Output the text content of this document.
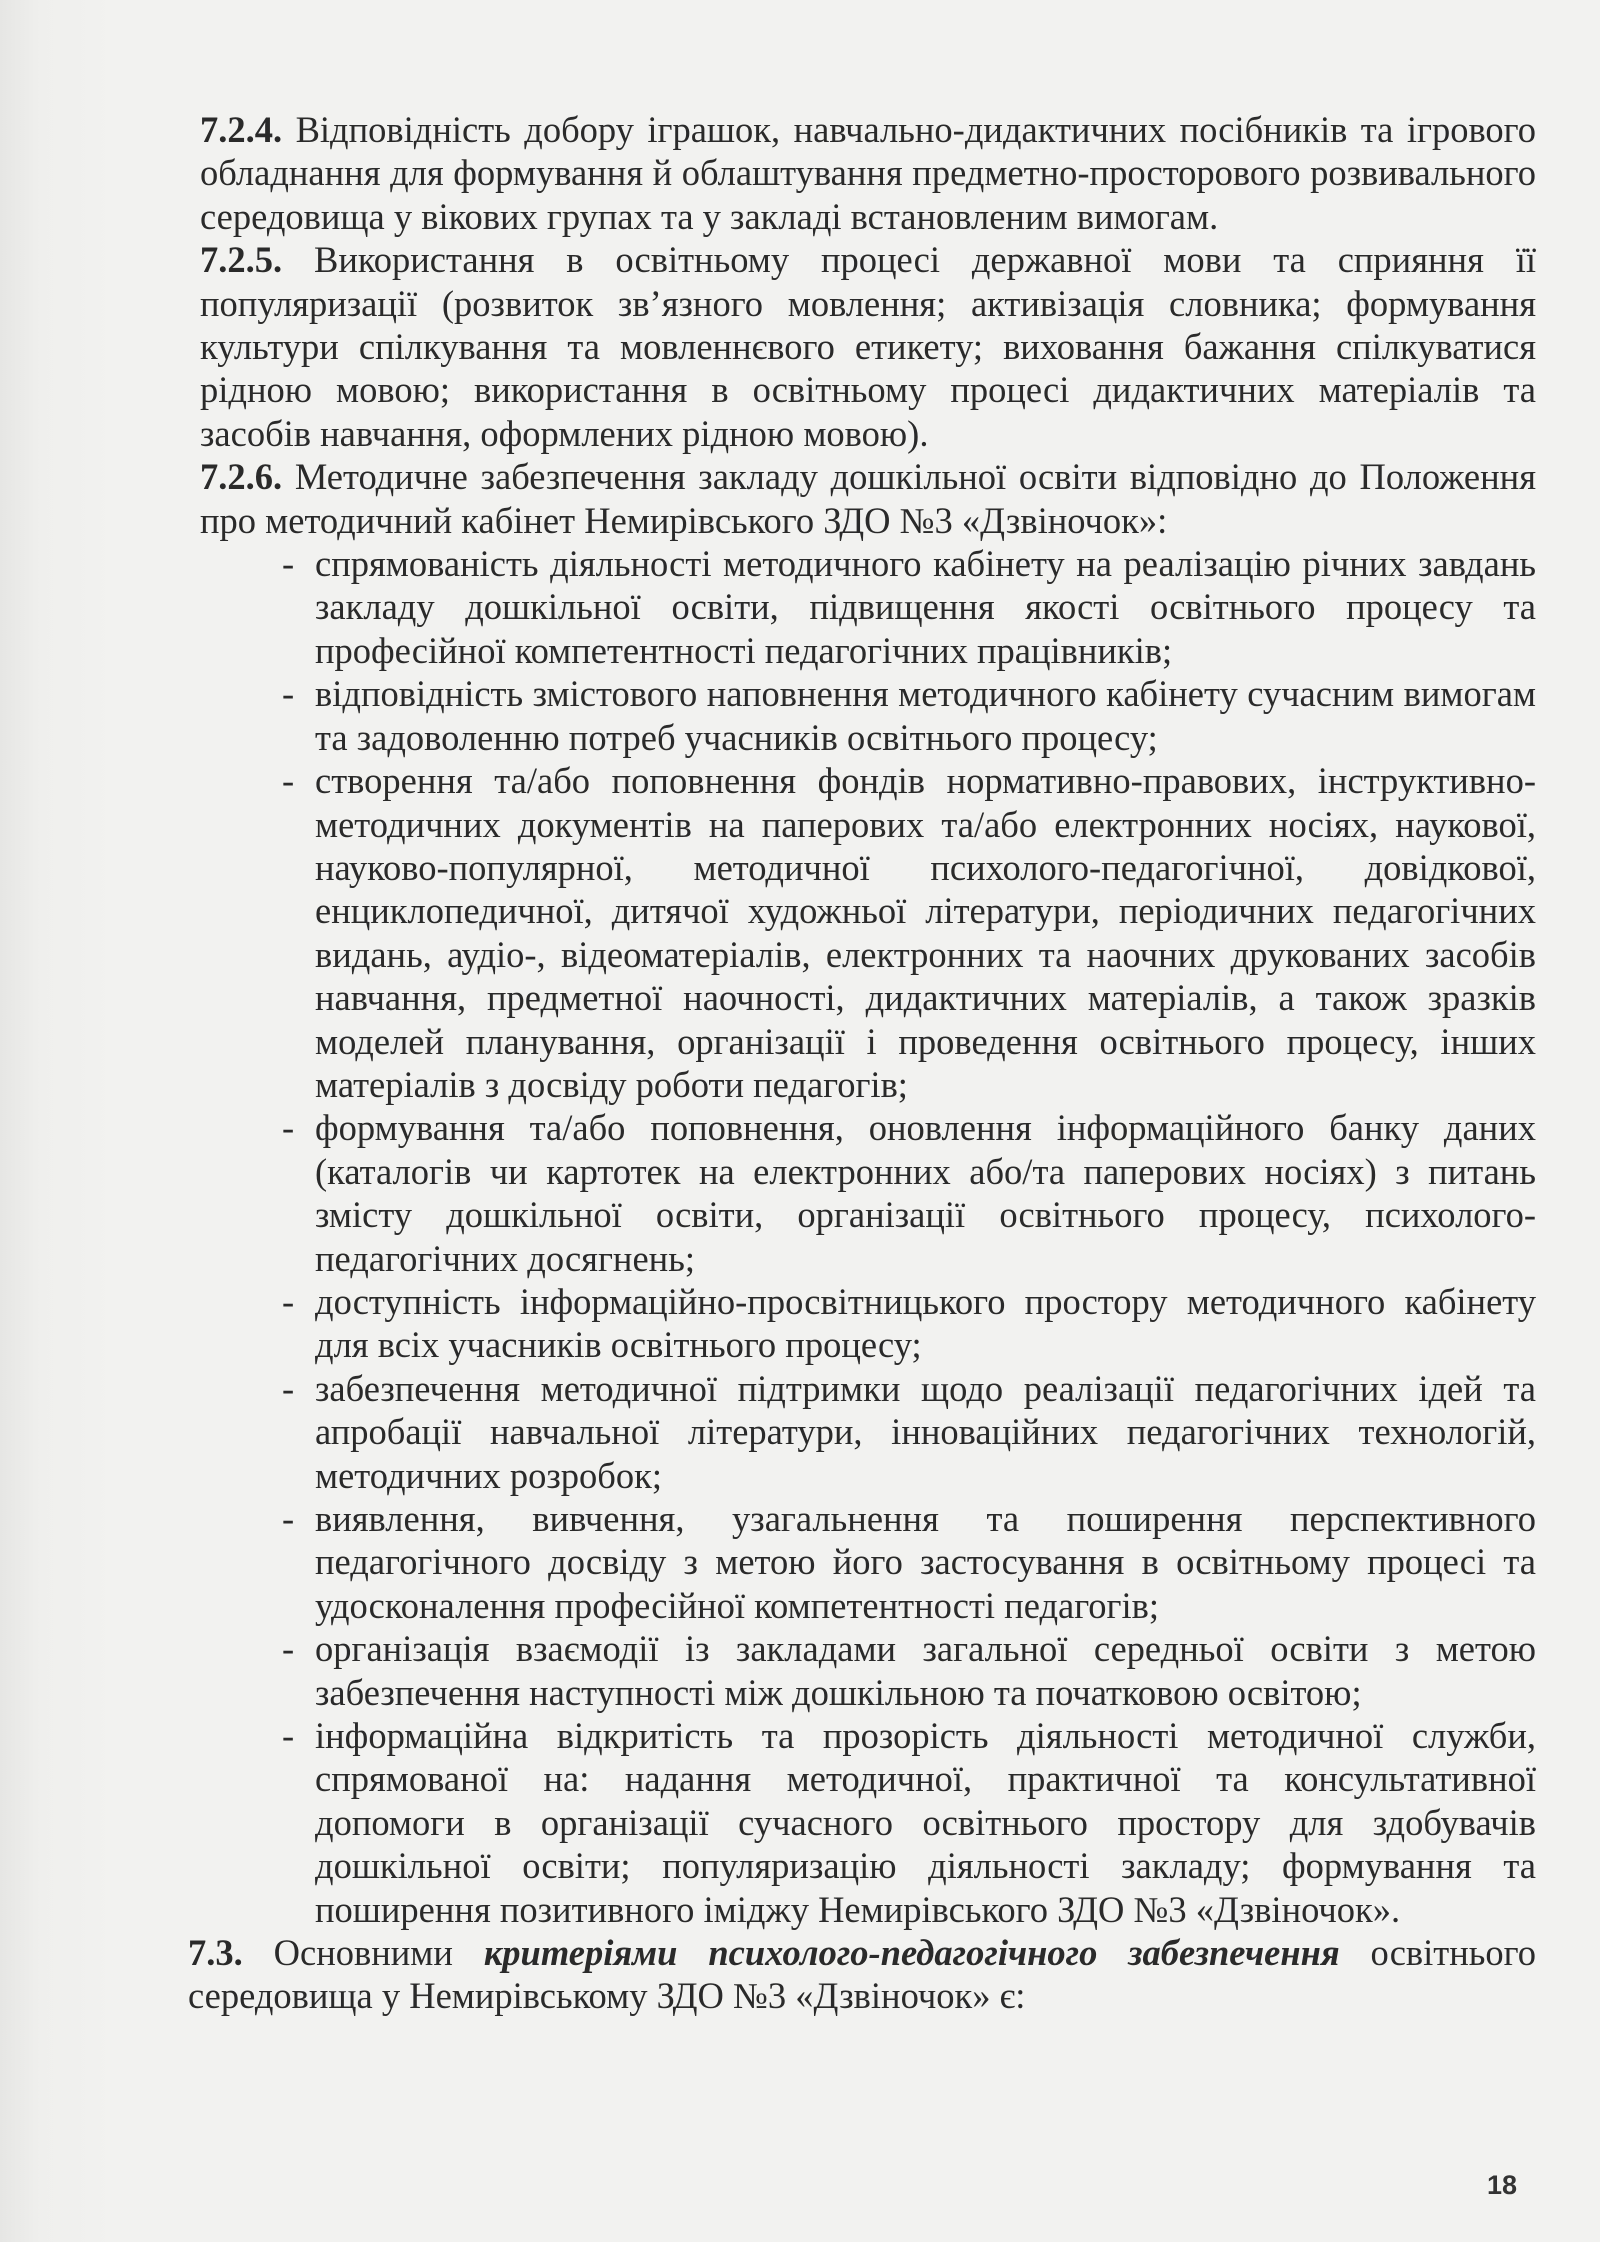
7.2.4. Відповідність добору іграшок, навчально-дидактичних посібників та ігрового обладнання для формування й облаштування предметно-просторового розвивального середовища у вікових групах та у закладі встановленим вимогам.

7.2.5. Використання в освітньому процесі державної мови та сприяння її популяризації (розвиток зв’язного мовлення; активізація словника; формування культури спілкування та мовленнєвого етикету; виховання бажання спілкуватися рідною мовою; використання в освітньому процесі дидактичних матеріалів та засобів навчання, оформлених рідною мовою).

7.2.6. Методичне забезпечення закладу дошкільної освіти відповідно до Положення про методичний кабінет Немирівського ЗДО №3 «Дзвіночок»:

- спрямованість діяльності методичного кабінету на реалізацію річних завдань закладу дошкільної освіти, підвищення якості освітнього процесу та професійної компетентності педагогічних працівників;
- відповідність змістового наповнення методичного кабінету сучасним вимогам та задоволенню потреб учасників освітнього процесу;
- створення та/або поповнення фондів нормативно-правових, інструктивно-методичних документів на паперових та/або електронних носіях, наукової, науково-популярної, методичної психолого-педагогічної, довідкової, енциклопедичної, дитячої художньої літератури, періодичних педагогічних видань, аудіо-, відеоматеріалів, електронних та наочних друкованих засобів навчання, предметної наочності, дидактичних матеріалів, а також зразків моделей планування, організації і проведення освітнього процесу, інших матеріалів з досвіду роботи педагогів;
- формування та/або поповнення, оновлення інформаційного банку даних (каталогів чи картотек на електронних або/та паперових носіях) з питань змісту дошкільної освіти, організації освітнього процесу, психолого-педагогічних досягнень;
- доступність інформаційно-просвітницького простору методичного кабінету для всіх учасників освітнього процесу;
- забезпечення методичної підтримки щодо реалізації педагогічних ідей та апробації навчальної літератури, інноваційних педагогічних технологій, методичних розробок;
- виявлення, вивчення, узагальнення та поширення перспективного педагогічного досвіду з метою його застосування в освітньому процесі та удосконалення професійної компетентності педагогів;
- організація взаємодії із закладами загальної середньої освіти з метою забезпечення наступності між дошкільною та початковою освітою;
- інформаційна відкритість та прозорість діяльності методичної служби, спрямованої на: надання методичної, практичної та консультативної допомоги в організації сучасного освітнього простору для здобувачів дошкільної освіти; популяризацію діяльності закладу; формування та поширення позитивного іміджу Немирівського ЗДО №3 «Дзвіночок».

7.3. Основними критеріями психолого-педагогічного забезпечення освітнього середовища у Немирівському ЗДО №3 «Дзвіночок» є:

18
